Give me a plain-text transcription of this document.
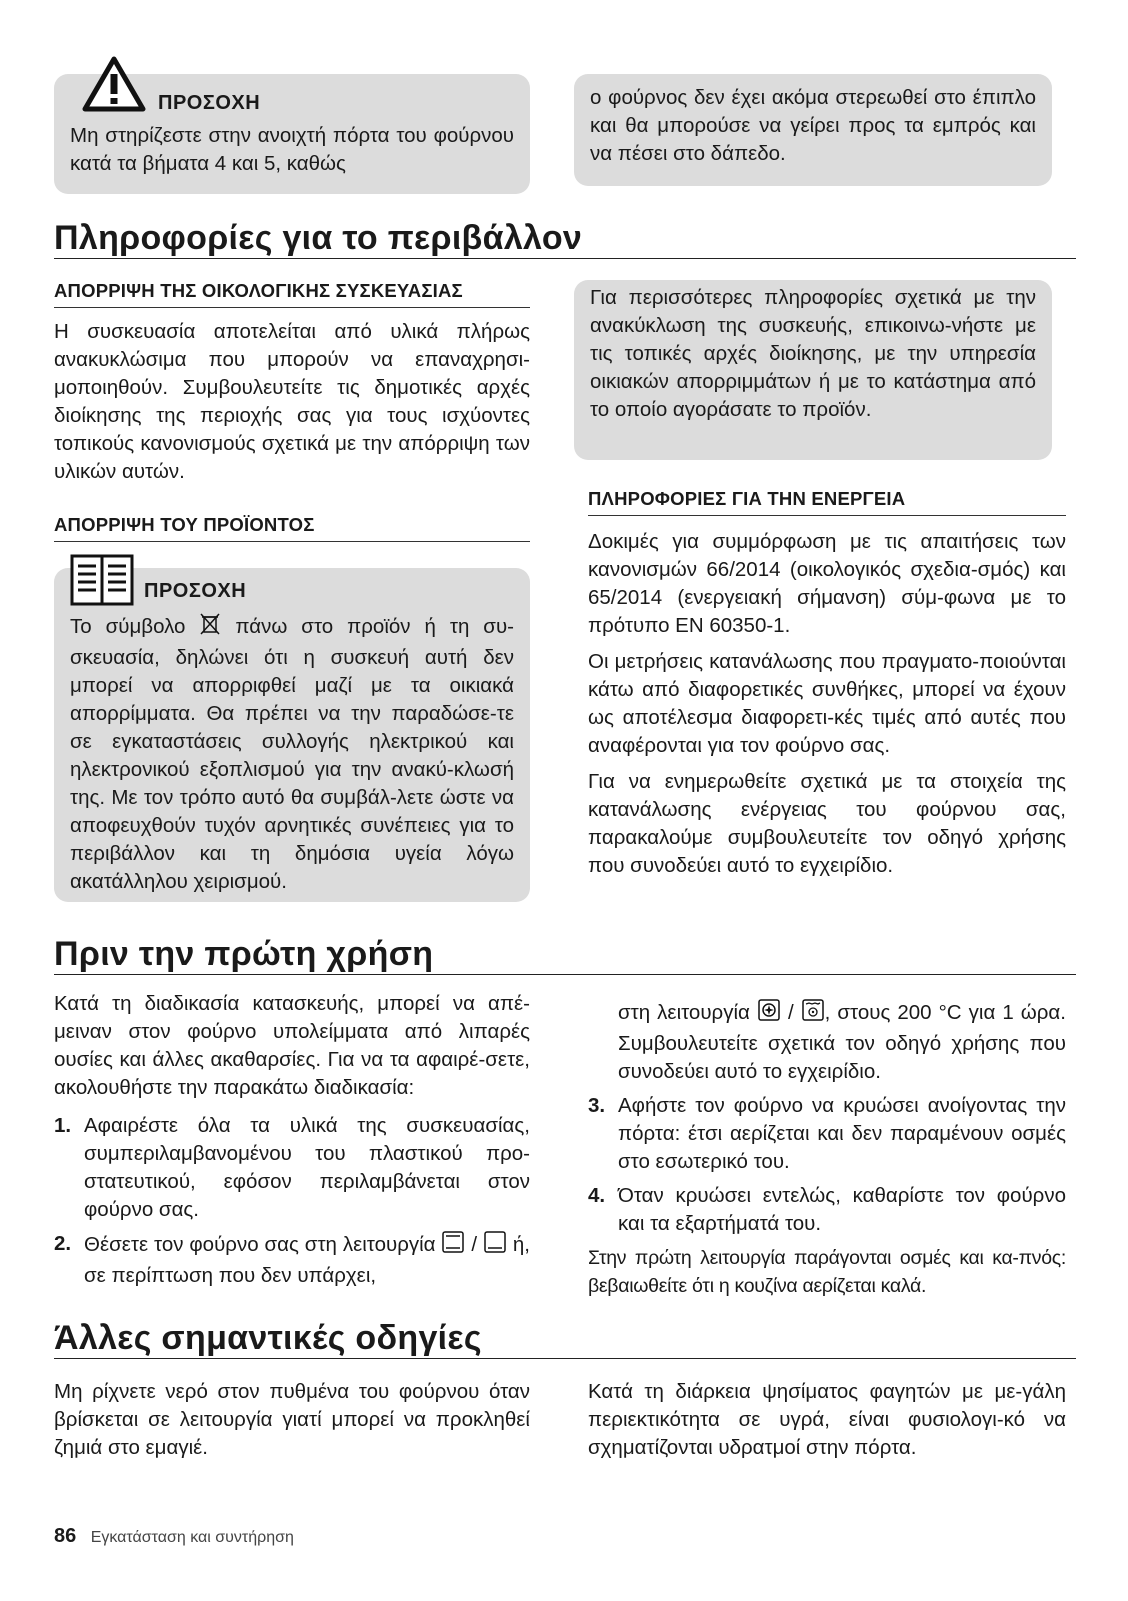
ΠΡΟΣΟΧΗ

Μη στηρίζεστε στην ανοιχτή πόρτα του φούρνου κατά τα βήματα 4 και 5, καθώς

ο φούρνος δεν έχει ακόμα στερεωθεί στο έπιπλο και θα μπορούσε να γείρει προς τα εμπρός και να πέσει στο δάπεδο.

Πληροφορίες για το περιβάλλον
ΑΠΟΡΡΙΨΗ ΤΗΣ ΟΙΚΟΛΟΓΙΚΗΣ ΣΥΣΚΕΥΑΣΙΑΣ

Η συσκευασία αποτελείται από υλικά πλήρως ανακυκλώσιμα που μπορούν να επαναχρησι-μοποιηθούν. Συμβουλευτείτε τις δημοτικές αρχές διοίκησης της περιοχής σας για τους ισχύοντες τοπικούς κανονισμούς σχετικά με την απόρριψη των υλικών αυτών.

ΑΠΟΡΡΙΨΗ ΤΟΥ ΠΡΟΪΟΝΤΟΣ
ΠΡΟΣΟΧΗ

Το σύμβολο πάνω στο προϊόν ή τη συ-σκευασία, δηλώνει ότι η συσκευή αυτή δεν μπορεί να απορριφθεί μαζί με τα οικιακά απορρίμματα. Θα πρέπει να την παραδώσε-τε σε εγκαταστάσεις συλλογής ηλεκτρικού και ηλεκτρονικού εξοπλισμού για την ανακύ-κλωσή της. Με τον τρόπο αυτό θα συμβάλ-λετε ώστε να αποφευχθούν τυχόν αρνητικές συνέπειες για το περιβάλλον και τη δημόσια υγεία λόγω ακατάλληλου χειρισμού.

Για περισσότερες πληροφορίες σχετικά με την ανακύκλωση της συσκευής, επικοινω-νήστε με τις τοπικές αρχές διοίκησης, με την υπηρεσία οικιακών απορριμμάτων ή με το κατάστημα από το οποίο αγοράσατε το προϊόν.

ΠΛΗΡΟΦΟΡΙΕΣ ΓΙΑ ΤΗΝ ΕΝΕΡΓΕΙΑ

Δοκιμές για συμμόρφωση με τις απαιτήσεις των κανονισμών 66/2014 (οικολογικός σχεδια-σμός) και 65/2014 (ενεργειακή σήμανση) σύμ-φωνα με το πρότυπο EN 60350-1.

Οι μετρήσεις κατανάλωσης που πραγματο-ποιούνται κάτω από διαφορετικές συνθήκες, μπορεί να έχουν ως αποτέλεσμα διαφορετι-κές τιμές από αυτές που αναφέρονται για τον φούρνο σας.

Για να ενημερωθείτε σχετικά με τα στοιχεία της κατανάλωσης ενέργειας του φούρνου σας, παρακαλούμε συμβουλευτείτε τον οδηγό χρήσης που συνοδεύει αυτό το εγχειρίδιο.

Πριν την πρώτη χρήση

Κατά τη διαδικασία κατασκευής, μπορεί να απέ-μειναν στον φούρνο υπολείμματα από λιπαρές ουσίες και άλλες ακαθαρσίες. Για να τα αφαιρέ-σετε, ακολουθήστε την παρακάτω διαδικασία:

1. Αφαιρέστε όλα τα υλικά της συσκευασίας, συμπεριλαμβανομένου του πλαστικού προ-στατευτικού, εφόσον περιλαμβάνεται στον φούρνο σας.
2. Θέσετε τον φούρνο σας στη λειτουργία / ή, σε περίπτωση που δεν υπάρχει,
στη λειτουργία / , στους 200 °C για 1 ώρα. Συμβουλευτείτε σχετικά τον οδηγό χρήσης που συνοδεύει αυτό το εγχειρίδιο.
3. Αφήστε τον φούρνο να κρυώσει ανοίγοντας την πόρτα: έτσι αερίζεται και δεν παραμένουν οσμές στο εσωτερικό του.
4. Όταν κρυώσει εντελώς, καθαρίστε τον φούρνο και τα εξαρτήματά του.

Στην πρώτη λειτουργία παράγονται οσμές και κα-πνός: βεβαιωθείτε ότι η κουζίνα αερίζεται καλά.

Άλλες σημαντικές οδηγίες

Μη ρίχνετε νερό στον πυθμένα του φούρνου όταν βρίσκεται σε λειτουργία γιατί μπορεί να προκληθεί ζημιά στο εμαγιέ.

Κατά τη διάρκεια ψησίματος φαγητών με με-γάλη περιεκτικότητα σε υγρά, είναι φυσιολογι-κό να σχηματίζονται υδρατμοί στην πόρτα.

86 Εγκατάσταση και συντήρηση
